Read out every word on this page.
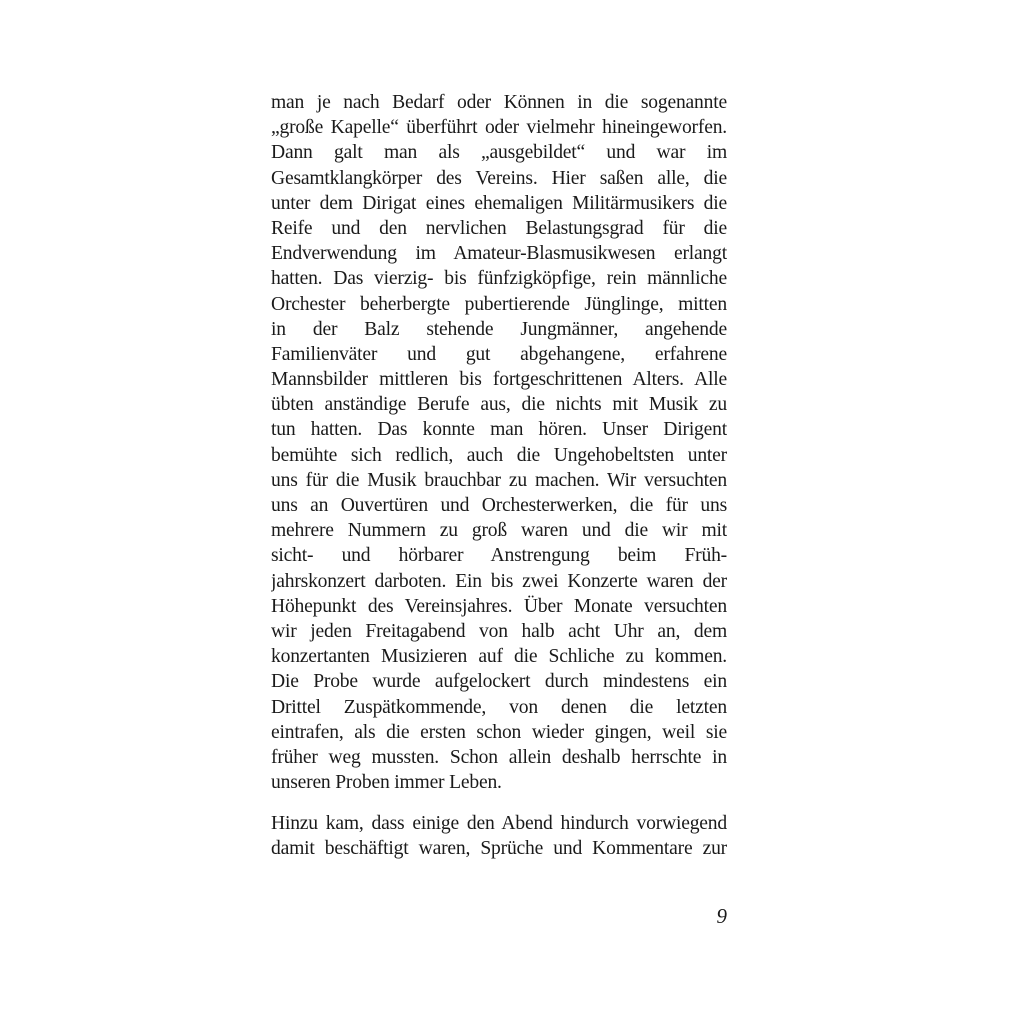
man je nach Bedarf oder Können in die sogenannte
„große Kapelle“ überführt oder vielmehr hineingeworfen.
Dann galt man als „ausgebildet“ und war im
Gesamtklangkörper des Vereins. Hier saßen alle, die
unter dem Dirigat eines ehemaligen Militärmusikers die
Reife und den nervlichen Belastungsgrad für die
Endverwendung im Amateur-Blasmusikwesen erlangt
hatten. Das vierzig- bis fünfzigköpfige, rein männliche
Orchester beherbergte pubertierende Jünglinge, mitten
in der Balz stehende Jungmänner, angehende
Familienväter und gut abgehangene, erfahrene
Mannsbilder mittleren bis fortgeschrittenen Alters. Alle
übten anständige Berufe aus, die nichts mit Musik zu
tun hatten. Das konnte man hören. Unser Dirigent
bemühte sich redlich, auch die Ungehobeltsten unter
uns für die Musik brauchbar zu machen. Wir versuchten
uns an Ouvertüren und Orchesterwerken, die für uns
mehrere Nummern zu groß waren und die wir mit
sicht- und hörbarer Anstrengung beim Früh-
jahrskonzert darboten. Ein bis zwei Konzerte waren der
Höhepunkt des Vereinsjahres. Über Monate versuchten
wir jeden Freitagabend von halb acht Uhr an, dem
konzertanten Musizieren auf die Schliche zu kommen.
Die Probe wurde aufgelockert durch mindestens ein
Drittel Zuspätkommende, von denen die letzten
eintrafen, als die ersten schon wieder gingen, weil sie
früher weg mussten. Schon allein deshalb herrschte in
unseren Proben immer Leben.
Hinzu kam, dass einige den Abend hindurch vorwiegend
damit beschäftigt waren, Sprüche und Kommentare zur
9
